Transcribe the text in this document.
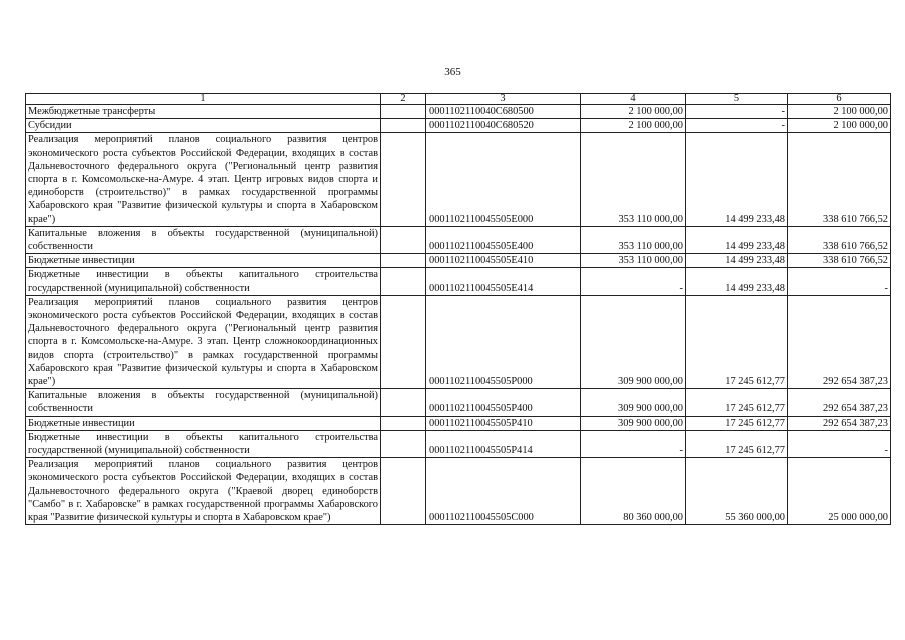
365
1	2	3	4	5	6
Межбюджетные трансферты		0001102110040C680500	2 100 000,00	-	2 100 000,00
Субсидии		0001102110040C680520	2 100 000,00	-	2 100 000,00
Реализация мероприятий планов социального развития центров экономического роста субъектов Российской Федерации, входящих в состав Дальневосточного федерального округа ("Региональный центр развития спорта в г. Комсомольске-на-Амуре. 4 этап. Центр игровых видов спорта и единоборств (строительство)" в рамках государственной программы Хабаровского края "Развитие физической культуры и спорта в Хабаровском крае")		0001102110045505E000	353 110 000,00	14 499 233,48	338 610 766,52
Капитальные вложения в объекты государственной (муниципальной) собственности		0001102110045505E400	353 110 000,00	14 499 233,48	338 610 766,52
Бюджетные инвестиции		0001102110045505E410	353 110 000,00	14 499 233,48	338 610 766,52
Бюджетные инвестиции в объекты капитального строительства государственной (муниципальной) собственности		0001102110045505E414	-	14 499 233,48	-
Реализация мероприятий планов социального развития центров экономического роста субъектов Российской Федерации, входящих в состав Дальневосточного федерального округа ("Региональный центр развития спорта в г. Комсомольске-на-Амуре. 3 этап. Центр сложнокоординационных видов спорта (строительство)" в рамках государственной программы Хабаровского края "Развитие физической культуры и спорта в Хабаровском крае")		0001102110045505P000	309 900 000,00	17 245 612,77	292 654 387,23
Капитальные вложения в объекты государственной (муниципальной) собственности		0001102110045505P400	309 900 000,00	17 245 612,77	292 654 387,23
Бюджетные инвестиции		0001102110045505P410	309 900 000,00	17 245 612,77	292 654 387,23
Бюджетные инвестиции в объекты капитального строительства государственной (муниципальной) собственности		0001102110045505P414	-	17 245 612,77	-
Реализация мероприятий планов социального развития центров экономического роста субъектов Российской Федерации, входящих в состав Дальневосточного федерального округа ("Краевой дворец единоборств "Самбо" в г. Хабаровске" в рамках государственной программы Хабаровского края "Развитие физической культуры и спорта в Хабаровском крае")		0001102110045505C000	80 360 000,00	55 360 000,00	25 000 000,00
